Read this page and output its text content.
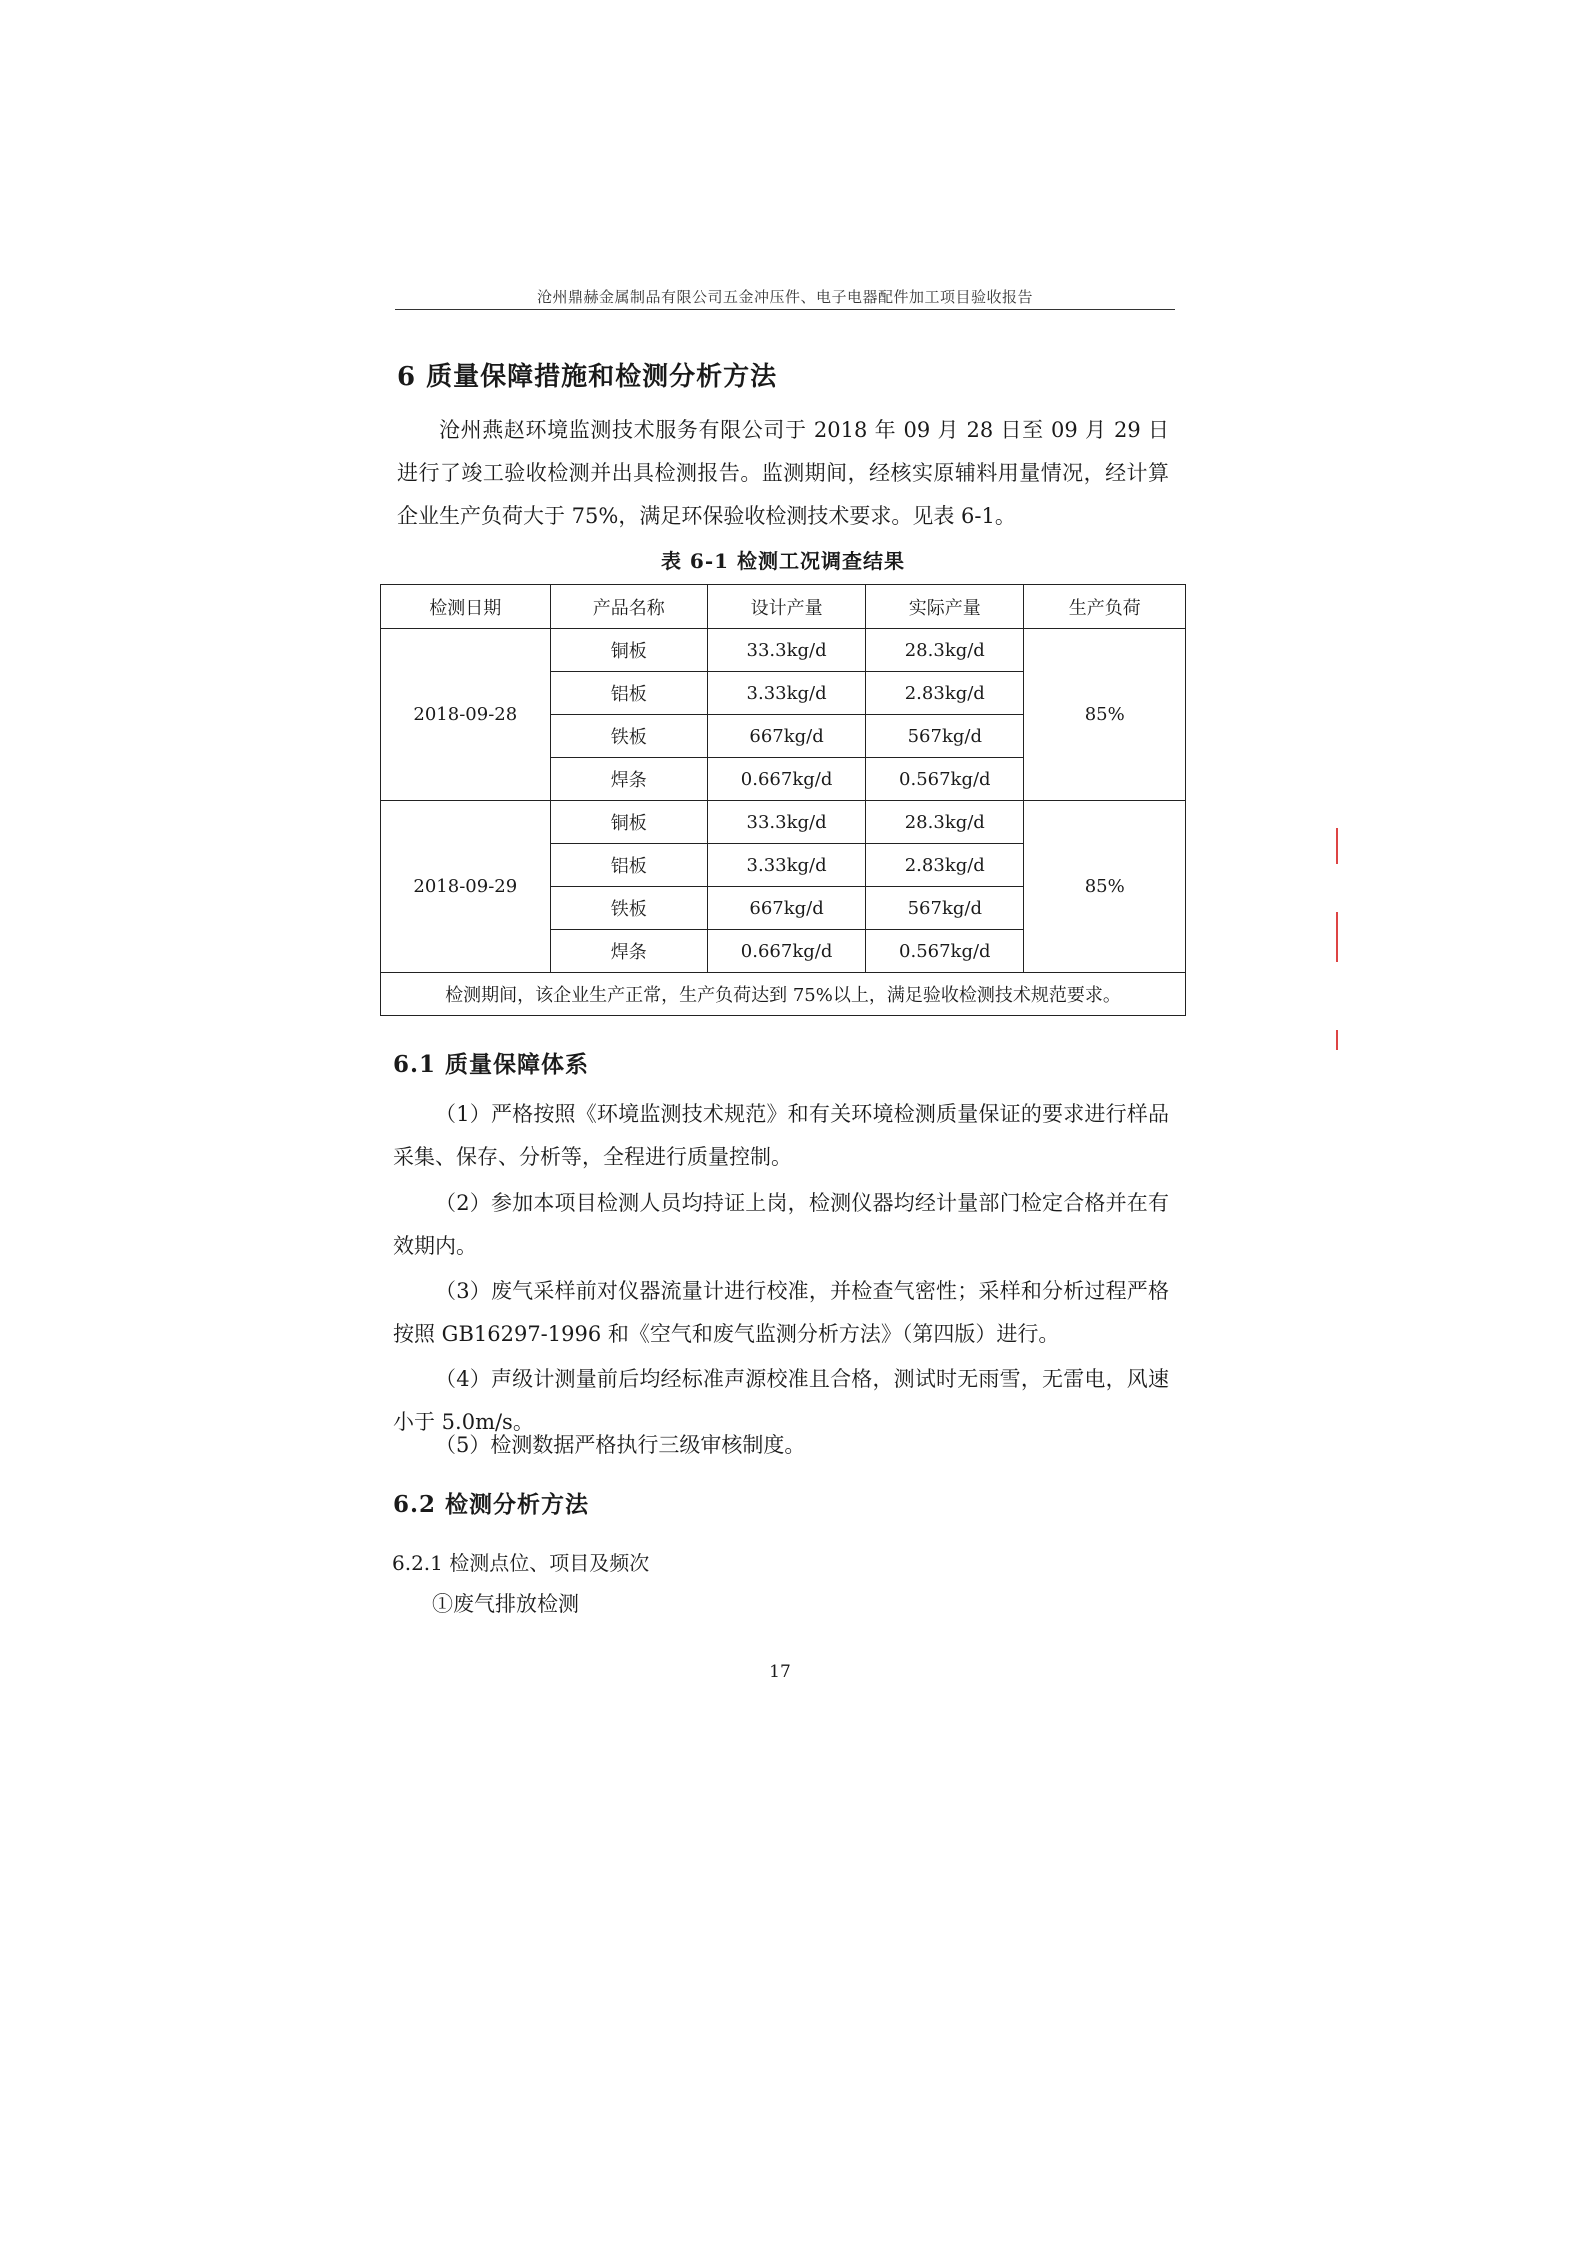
沧州鼎赫金属制品有限公司五金冲压件、电子电器配件加工项目验收报告
6 质量保障措施和检测分析方法
沧州燕赵环境监测技术服务有限公司于 2018 年 09 月 28 日至 09 月 29 日进行了竣工验收检测并出具检测报告。监测期间，经核实原辅料用量情况，经计算企业生产负荷大于 75%，满足环保验收检测技术要求。见表 6-1。
表 6-1 检测工况调查结果
检测日期	产品名称	设计产量	实际产量	生产负荷
2018-09-28	铜板	33.3kg/d	28.3kg/d	85%
	铝板	3.33kg/d	2.83kg/d	
	铁板	667kg/d	567kg/d	
	焊条	0.667kg/d	0.567kg/d	
2018-09-29	铜板	33.3kg/d	28.3kg/d	85%
	铝板	3.33kg/d	2.83kg/d	
	铁板	667kg/d	567kg/d	
	焊条	0.667kg/d	0.567kg/d	
检测期间，该企业生产正常，生产负荷达到 75%以上，满足验收检测技术规范要求。				
6.1 质量保障体系
（1）严格按照《环境监测技术规范》和有关环境检测质量保证的要求进行样品采集、保存、分析等，全程进行质量控制。
（2）参加本项目检测人员均持证上岗，检测仪器均经计量部门检定合格并在有效期内。
（3）废气采样前对仪器流量计进行校准，并检查气密性；采样和分析过程严格按照 GB16297-1996 和《空气和废气监测分析方法》（第四版）进行。
（4）声级计测量前后均经标准声源校准且合格，测试时无雨雪，无雷电，风速小于 5.0m/s。
（5）检测数据严格执行三级审核制度。
6.2 检测分析方法
6.2.1 检测点位、项目及频次
①废气排放检测
17
